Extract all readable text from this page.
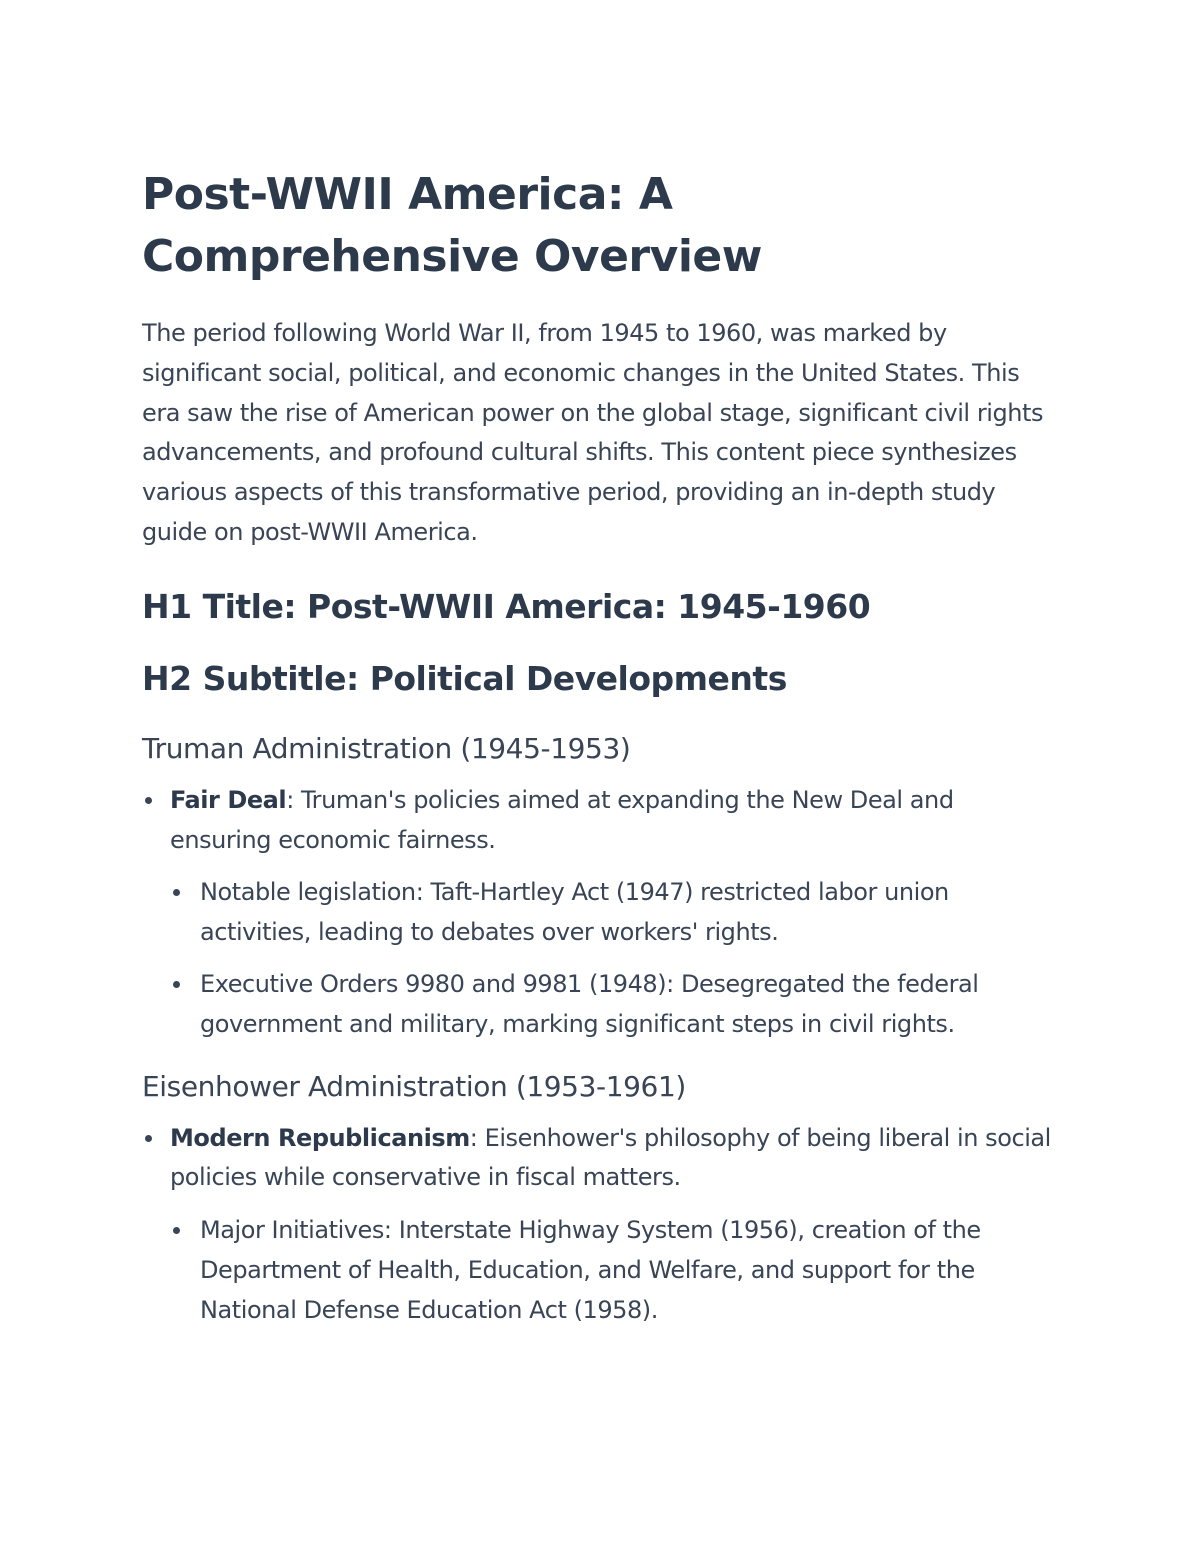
Post-WWII America: A Comprehensive Overview

The period following World War II, from 1945 to 1960, was marked by significant social, political, and economic changes in the United States. This era saw the rise of American power on the global stage, significant civil rights advancements, and profound cultural shifts. This content piece synthesizes various aspects of this transformative period, providing an in-depth study guide on post-WWII America.

H1 Title: Post-WWII America: 1945-1960
H2 Subtitle: Political Developments
Truman Administration (1945-1953)
Fair Deal: Truman's policies aimed at expanding the New Deal and ensuring economic fairness.
Notable legislation: Taft-Hartley Act (1947) restricted labor union activities, leading to debates over workers' rights.
Executive Orders 9980 and 9981 (1948): Desegregated the federal government and military, marking significant steps in civil rights.
Eisenhower Administration (1953-1961)
Modern Republicanism: Eisenhower's philosophy of being liberal in social policies while conservative in fiscal matters.
Major Initiatives: Interstate Highway System (1956), creation of the Department of Health, Education, and Welfare, and support for the National Defense Education Act (1958).
